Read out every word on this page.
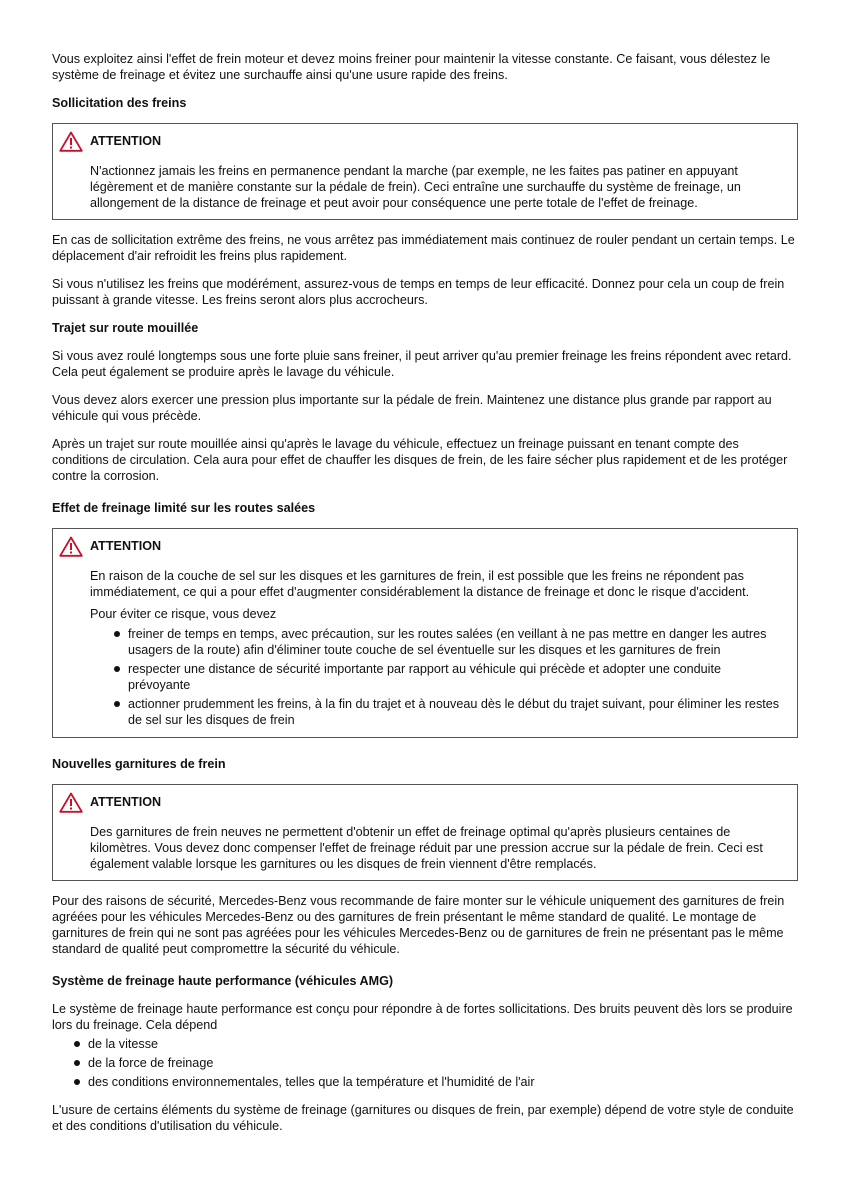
Vous exploitez ainsi l'effet de frein moteur et devez moins freiner pour maintenir la vitesse constante. Ce faisant, vous délestez le système de freinage et évitez une surchauffe ainsi qu'une usure rapide des freins.

Sollicitation des freins

ATTENTION

N'actionnez jamais les freins en permanence pendant la marche (par exemple, ne les faites pas patiner en appuyant légèrement et de manière constante sur la pédale de frein). Ceci entraîne une surchauffe du système de freinage, un allongement de la distance de freinage et peut avoir pour conséquence une perte totale de l'effet de freinage.

En cas de sollicitation extrême des freins, ne vous arrêtez pas immédiatement mais continuez de rouler pendant un certain temps. Le déplacement d'air refroidit les freins plus rapidement.

Si vous n'utilisez les freins que modérément, assurez-vous de temps en temps de leur efficacité. Donnez pour cela un coup de frein puissant à grande vitesse. Les freins seront alors plus accrocheurs.

Trajet sur route mouillée

Si vous avez roulé longtemps sous une forte pluie sans freiner, il peut arriver qu'au premier freinage les freins répondent avec retard. Cela peut également se produire après le lavage du véhicule.

Vous devez alors exercer une pression plus importante sur la pédale de frein. Maintenez une distance plus grande par rapport au véhicule qui vous précède.

Après un trajet sur route mouillée ainsi qu'après le lavage du véhicule, effectuez un freinage puissant en tenant compte des conditions de circulation. Cela aura pour effet de chauffer les disques de frein, de les faire sécher plus rapidement et de les protéger contre la corrosion.

Effet de freinage limité sur les routes salées

ATTENTION

En raison de la couche de sel sur les disques et les garnitures de frein, il est possible que les freins ne répondent pas immédiatement, ce qui a pour effet d'augmenter considérablement la distance de freinage et donc le risque d'accident.

Pour éviter ce risque, vous devez

freiner de temps en temps, avec précaution, sur les routes salées (en veillant à ne pas mettre en danger les autres usagers de la route) afin d'éliminer toute couche de sel éventuelle sur les disques et les garnitures de frein
respecter une distance de sécurité importante par rapport au véhicule qui précède et adopter une conduite prévoyante
actionner prudemment les freins, à la fin du trajet et à nouveau dès le début du trajet suivant, pour éliminer les restes de sel sur les disques de frein

Nouvelles garnitures de frein

ATTENTION

Des garnitures de frein neuves ne permettent d'obtenir un effet de freinage optimal qu'après plusieurs centaines de kilomètres. Vous devez donc compenser l'effet de freinage réduit par une pression accrue sur la pédale de frein. Ceci est également valable lorsque les garnitures ou les disques de frein viennent d'être remplacés.

Pour des raisons de sécurité, Mercedes-Benz vous recommande de faire monter sur le véhicule uniquement des garnitures de frein agréées pour les véhicules Mercedes-Benz ou des garnitures de frein présentant le même standard de qualité. Le montage de garnitures de frein qui ne sont pas agréées pour les véhicules Mercedes-Benz ou de garnitures de frein ne présentant pas le même standard de qualité peut compromettre la sécurité du véhicule.

Système de freinage haute performance (véhicules AMG)

Le système de freinage haute performance est conçu pour répondre à de fortes sollicitations. Des bruits peuvent dès lors se produire lors du freinage. Cela dépend

de la vitesse
de la force de freinage
des conditions environnementales, telles que la température et l'humidité de l'air

L'usure de certains éléments du système de freinage (garnitures ou disques de frein, par exemple) dépend de votre style de conduite et des conditions d'utilisation du véhicule.
